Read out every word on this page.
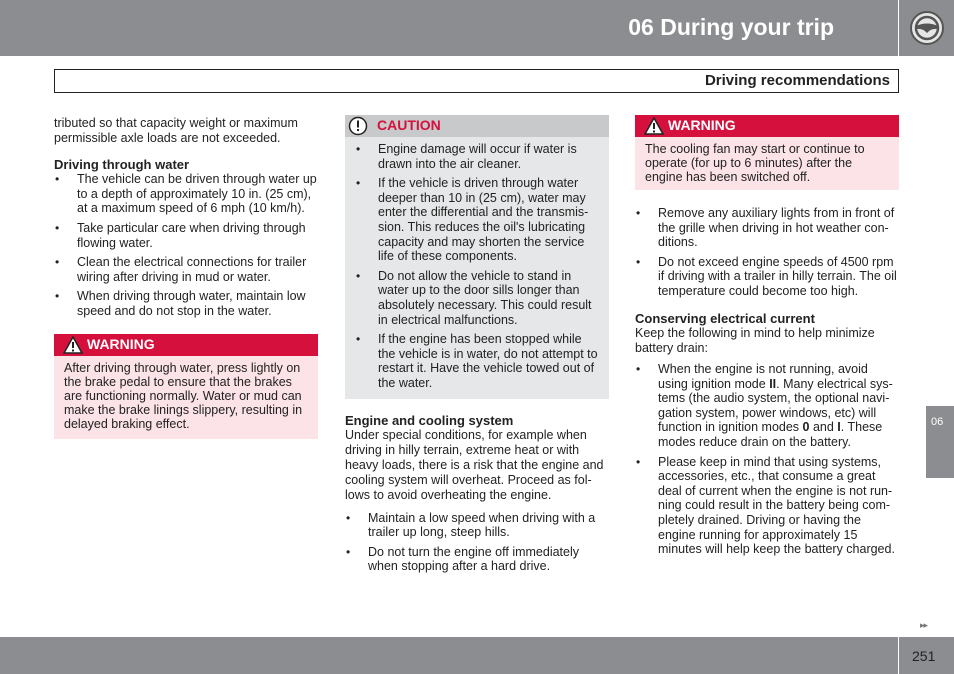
06 During your trip
Driving recommendations

tributed so that capacity weight or maximum permissible axle loads are not exceeded.

Driving through water
• The vehicle can be driven through water up to a depth of approximately 10 in. (25 cm), at a maximum speed of 6 mph (10 km/h).
• Take particular care when driving through flowing water.
• Clean the electrical connections for trailer wiring after driving in mud or water.
• When driving through water, maintain low speed and do not stop in the water.
WARNING
After driving through water, press lightly on the brake pedal to ensure that the brakes are functioning normally. Water or mud can make the brake linings slippery, resulting in delayed braking effect.
CAUTION
• Engine damage will occur if water is drawn into the air cleaner.
• If the vehicle is driven through water deeper than 10 in (25 cm), water may enter the differential and the transmis-sion. This reduces the oil's lubricating capacity and may shorten the service life of these components.
• Do not allow the vehicle to stand in water up to the door sills longer than absolutely necessary. This could result in electrical malfunctions.
• If the engine has been stopped while the vehicle is in water, do not attempt to restart it. Have the vehicle towed out of the water.
Engine and cooling system

Under special conditions, for example when driving in hilly terrain, extreme heat or with heavy loads, there is a risk that the engine and cooling system will overheat. Proceed as fol-lows to avoid overheating the engine.

• Maintain a low speed when driving with a trailer up long, steep hills.
• Do not turn the engine off immediately when stopping after a hard drive.
WARNING
The cooling fan may start or continue to operate (for up to 6 minutes) after the engine has been switched off.
• Remove any auxiliary lights from in front of the grille when driving in hot weather con-ditions.
• Do not exceed engine speeds of 4500 rpm if driving with a trailer in hilly terrain. The oil temperature could become too high.
Conserving electrical current

Keep the following in mind to help minimize battery drain:

• When the engine is not running, avoid using ignition mode II. Many electrical sys-tems (the audio system, the optional navi-gation system, power windows, etc) will function in ignition modes 0 and I. These modes reduce drain on the battery.
• Please keep in mind that using systems, accessories, etc., that consume a great deal of current when the engine is not run-ning could result in the battery being com-pletely drained. Driving or having the engine running for approximately 15 minutes will help keep the battery charged.
06
▸▸
251
